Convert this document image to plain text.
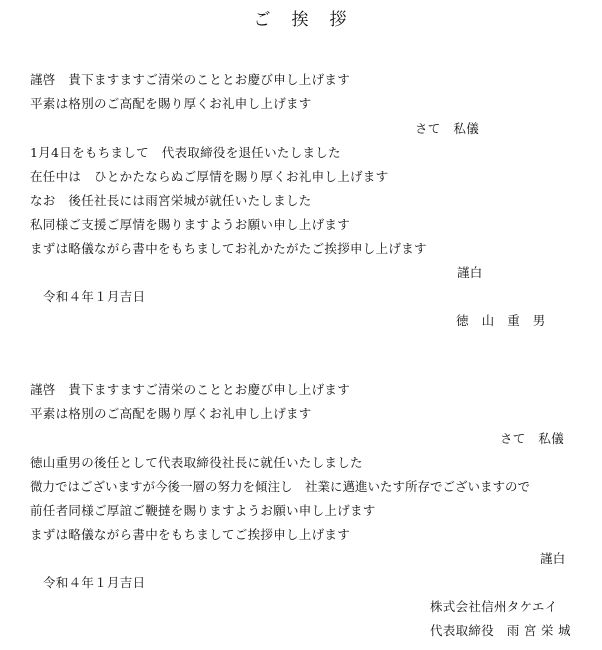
ご　挨　拶
謹啓　貴下ますますご清栄のこととお慶び申し上げます
平素は格別のご高配を賜り厚くお礼申し上げます
さて　私儀
1月4日をもちまして　代表取締役を退任いたしました
在任中は　ひとかたならぬご厚情を賜り厚くお礼申し上げます
なお　後任社長には雨宮栄城が就任いたしました
私同様ご支援ご厚情を賜りますようお願い申し上げます
まずは略儀ながら書中をもちましてお礼かたがたご挨拶申し上げます
謹白
令和４年１月吉日
徳　山　重　男
謹啓　貴下ますますご清栄のこととお慶び申し上げます
平素は格別のご高配を賜り厚くお礼申し上げます
さて　私儀
徳山重男の後任として代表取締役社長に就任いたしました
微力ではございますが今後一層の努力を傾注し　社業に邁進いたす所存でございますので
前任者同様ご厚誼ご鞭撻を賜りますようお願い申し上げます
まずは略儀ながら書中をもちましてご挨拶申し上げます
謹白
令和４年１月吉日
株式会社信州タケエイ
代表取締役　雨 宮 栄 城
